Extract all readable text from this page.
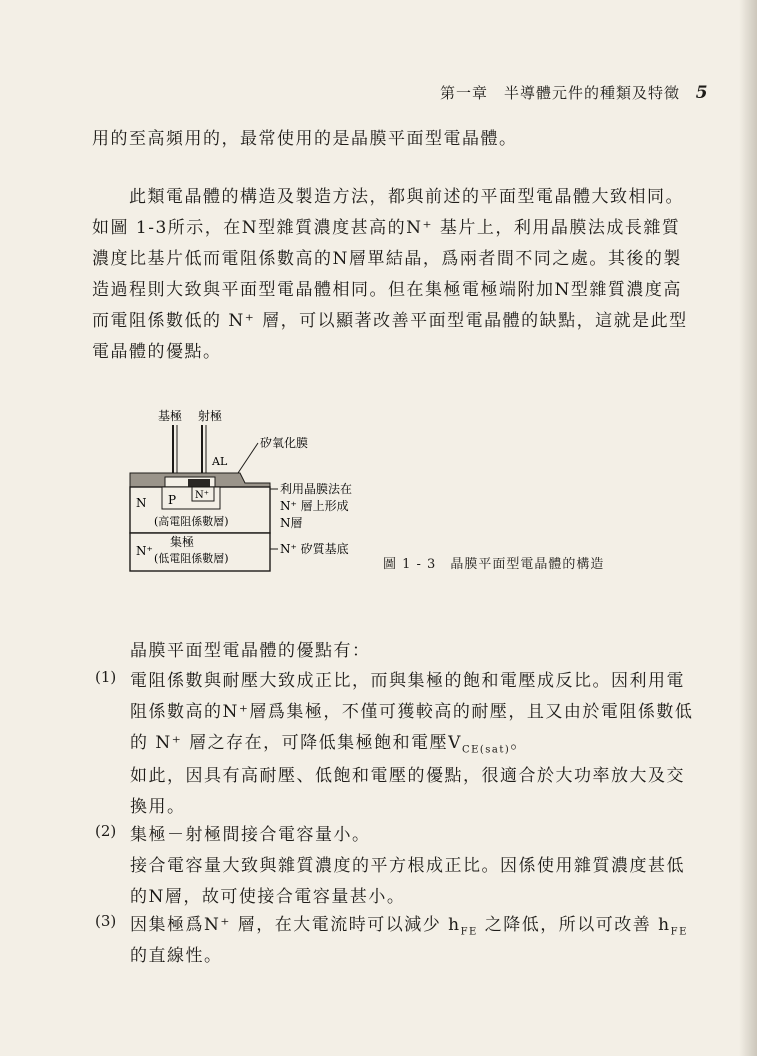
第一章　半導體元件的種類及特徵 5
用的至高頻用的，最常使用的是晶膜平面型電晶體。
　　此類電晶體的構造及製造方法，都與前述的平面型電晶體大致相同。
如圖 1-3所示，在N型雜質濃度甚高的N⁺ 基片上，利用晶膜法成長雜質
濃度比基片低而電阻係數高的N層單結晶，爲兩者間不同之處。其後的製
造過程則大致與平面型電晶體相同。但在集極電極端附加N型雜質濃度高
而電阻係數低的 N⁺ 層，可以顯著改善平面型電晶體的缺點，這就是此型
電晶體的優點。
基極 射極
矽氧化膜
AL
P N⁺
N
(高電阻係數層)
N⁺
集極
(低電阻係數層)
利用晶膜法在
N⁺ 層上形成
N層
N⁺ 矽質基底
圖 1 - 3　晶膜平面型電晶體的構造
晶膜平面型電晶體的優點有：
(1) 電阻係數與耐壓大致成正比，而與集極的飽和電壓成反比。因利用電
阻係數高的N⁺層爲集極，不僅可獲較高的耐壓，且又由於電阻係數低
的 N⁺ 層之存在，可降低集極飽和電壓$V_{CE(sat)}$。
如此，因具有高耐壓、低飽和電壓的優點，很適合於大功率放大及交
換用。
(2) 集極－射極間接合電容量小。
接合電容量大致與雜質濃度的平方根成正比。因係使用雜質濃度甚低
的N層，故可使接合電容量甚小。
(3) 因集極爲N⁺ 層，在大電流時可以減少 $h_{FE}$ 之降低，所以可改善 $h_{FE}$
的直線性。
